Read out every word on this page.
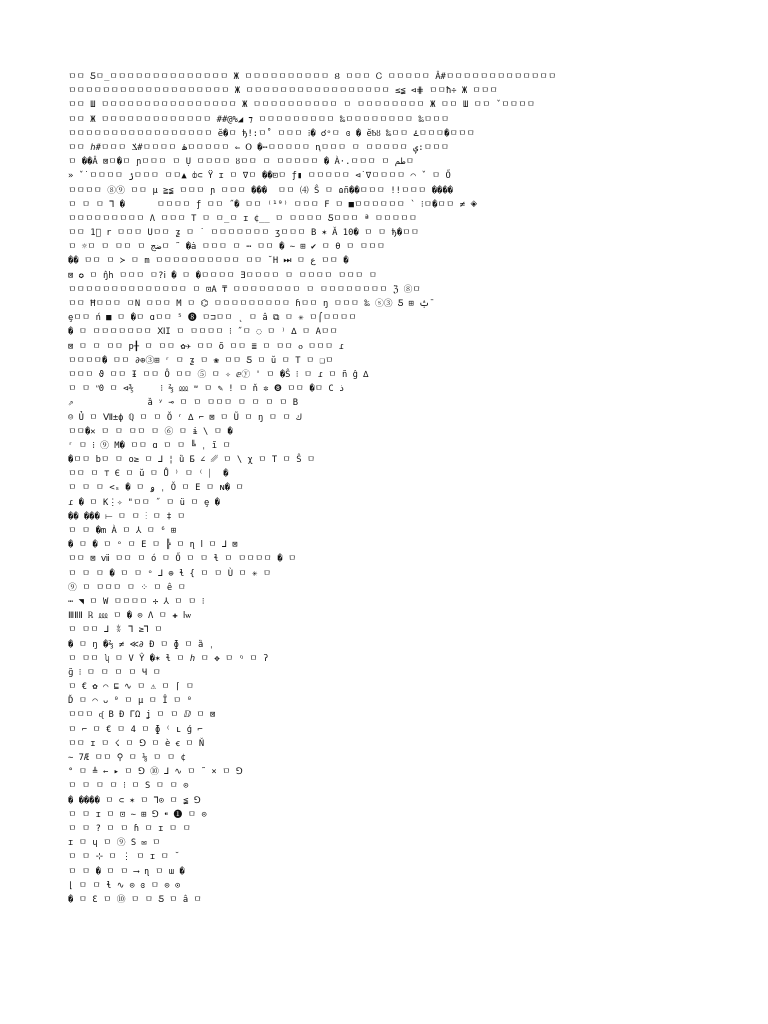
ㅁㅁ Ƽㅁ_ㅁㅁㅁㅁㅁㅁㅁㅁㅁㅁㅁㅁㅁㅁ Ж ㅁㅁㅁㅁㅁㅁㅁㅁㅁㅁ Ȣ ㅁㅁㅁ Ꮯ ㅁㅁㅁㅁㅁ Â#ㅁㅁㅁㅁㅁㅁㅁㅁㅁㅁㅁㅁㅁ
ㅁㅁㅁㅁㅁㅁㅁㅁㅁㅁㅁㅁㅁㅁㅁㅁㅁㅁㅁ Ж ㅁㅁㅁㅁㅁㅁㅁㅁㅁㅁㅁㅁㅁㅁㅁㅁㅁ ≤≨ ⊲⋕ ㅁㅁħ÷ Ж ㅁㅁㅁ
ㅁㅁ Ш ㅁㅁㅁㅁㅁㅁㅁㅁㅁㅁㅁㅁㅁㅁㅁㅁ Ж ㅁㅁㅁㅁㅁㅁㅁㅁㅁㅁ ㅁ ㅁㅁㅁㅁㅁㅁㅁㅁ Ж ㅁㅁ Ш ㅁㅁ ˇㅁㅁㅁㅁ
ㅁㅁ Ж ㅁㅁㅁㅁㅁㅁㅁㅁㅁㅁㅁㅁㅁ ##@%◢ ⁊ ㅁㅁㅁㅁㅁㅁㅁㅁㅁ ‰ㅁㅁㅁㅁㅁㅁㅁㅁ ‰ㅁㅁㅁ
ㅁㅁㅁㅁㅁㅁㅁㅁㅁㅁㅁㅁㅁㅁㅁㅁㅁ ĕ�ㅁ ђ!:ㅁ˚ ㅁㅁㅁ ⁞� ☌ᵒㅁ ɞ � ĕᵬȣ ‰ㅁㅁ ۓㅁㅁㅁ�ㅁㅁㅁ
ㅁㅁ ℎ#ㅁㅁㅁ ݎ#ㅁㅁㅁㅁ ۿㅁㅁㅁㅁㅁ ⇐ Ⲟ �⋯ㅁㅁㅁㅁㅁ ꞑㅁㅁㅁ ㅁ ㅁㅁㅁㅁㅁ ݷ:ㅁㅁㅁ
ㅁ ��Â ⊠ㅁ�ㅁ ɲㅁㅁㅁ ㅁ Ụ ㅁㅁㅁㅁ ȣㅁㅁ ㅁ ㅁㅁㅁㅁㅁ � À·.ㅁㅁㅁ ㅁ طمㅁ
» ˇ˙ㅁㅁㅁㅁ ݬㅁㅁㅁ ㅁㅁ▲ ȸ⊂ Ÿ ɪ ㅁ ∇ㅁ ��⊡ㅁ ƒ▮ ㅁㅁㅁㅁㅁ ⊲˙∇ㅁㅁㅁㅁ ⌒ ˇ ㅁ Ő
ㅁㅁㅁㅁ ⑧⑨ ㅁㅁ µ ≧≨ ㅁㅁㅁ ɲ ㅁㅁㅁ ���  ㅁㅁ ⑷ Ŝ ㅁ ɷñ��ㅁㅁㅁ !!ㅁㅁㅁ ����
ㅁ ㅁ ㅁ ⅂ �      ㅁㅁㅁㅁ ƒ ㅁㅁ ˝� ㅁㅁ ⁽¹⁹⁾ ㅁㅁㅁ F ㅁ ■ㅁㅁㅁㅁㅁㅁ ` ⁝ㅁ�ㅁㅁ ≠ 🞛
ㅁㅁㅁㅁㅁㅁㅁㅁㅁ Ʌ ㅁㅁㅁ T ㅁ ㅁ_ㅁ ɪ ¢__ ㅁ ㅁㅁㅁㅁ Ƽㅁㅁㅁ ª ㅁㅁㅁㅁㅁ
ㅁㅁ 1⃣ r ㅁㅁㅁ Uㅁㅁ ƺ ㅁ ˙ ㅁㅁㅁㅁㅁㅁㅁ ʒㅁㅁㅁ B ✶ Ă 10� ㅁ ㅁ ђ�ㅁㅁ
ㅁ ☼ㅁ ㅁ ㅁㅁ ㅁ ضجㅁ ̃ �ȧ ㅁㅁㅁ ㅁ ⋯ ㅁㅁ � ∼ ⊞ ✔ ㅁ θ ㅁ ㅁㅁㅁ
�� ㅁㅁ ㅁ ≻ ㅁ m ㅁㅁㅁㅁㅁㅁㅁㅁㅁㅁ ㅁㅁ ˘H ⏭ ㅁ ع ㅁㅁ �
⊠ ✪ ㅁ ŋ̂h ㅁㅁㅁ ㅁ?ⅰ � ㅁ �ㅁㅁㅁㅁ Ǝㅁㅁㅁㅁ ㅁ ㅁㅁㅁㅁ ㅁㅁㅁ ㅁ
ㅁㅁㅁㅁㅁㅁㅁㅁㅁㅁㅁㅁㅁㅁ ㅁ ⊡A ₸ ㅁㅁㅁㅁㅁㅁㅁㅁ ㅁ ㅁㅁㅁㅁㅁㅁㅁㅁ ℨ ⑧ㅁ
ㅁㅁ Ħㅁㅁㅁ ㅁN ㅁㅁㅁ M ㅁ ⌬ ㅁㅁㅁㅁㅁㅁㅁㅁㅁ ɦㅁㅁ ŋ ㅁㅁㅁ ‰ ⓢ③ Ƽ ⊞ ݑ ̄
ȩㅁㅁ ń ■ ㅁ �ㅁ ɑㅁㅁ ⁵ ❽ ㅁ⊐ㅁㅁ ˛ ㅁ â ⧉ ㅁ ✳ ㅁ⌠ㅁㅁㅁㅁ
� ㅁ ㅁㅁㅁㅁㅁㅁㅁ ⅪI ㅁ ㅁㅁㅁㅁ ⁝ ˝ㅁ ◌ ㅁ ⁾ ∆ ㅁ Aㅁㅁ
⊠ ㅁ ㅁ ㅁㅁ p╂ ㅁ ㅁㅁ ✿✈ ㅁㅁ õ ㅁㅁ ≣ ㅁ ㅁㅁ ⲟ ㅁㅁㅁ ɾ
ㅁㅁㅁㅁ� ㅁㅁ ∂⊕③⊞ ʳ ㅁ ƺ ㅁ ❀ ㅁㅁ Ƽ ㅁ ŭ ㅁ T ㅁ ❑ㅁ
ㅁㅁㅁ ϑ ㅁㅁ Ɨ ㅁㅁ Ô ㅁㅁ ⑤ ㅁ ✧ ⅇⓨ ' ㅁ �Ŝ ⁝ ㅁ ɾ ㅁ ñ ĝ ∆
ㅁ ㅁ ʺ0 ㅁ ⊲⅗     ⁝ ⅔ ⅏ ʷ ㅁ ✎ ! ㅁ ň ✲ ❽ ㅁㅁ �ㅁ C ذ
⇗              ȁ ʸ ⊸ ㅁ ㅁ ㅁㅁㅁ ㅁ ㅁ ㅁ ㅁ B
☺ Ủ ㅁ Ⅶ±ϕ ℚ ㅁ ㅁ Ŏ ʳ ∆ ⌐ ⊠ ㅁ Ũ ㅁ ŋ ㅁ ㅁ ك
ㅁㅁ�✕ ㅁ ㅁ ㅁㅁ ㅁ ⑥ ㅁ ɨ \ ㅁ �
ʳ ㅁ ⁞ ⑨ M� ㅁㅁ ɑ ㅁ ㅁ ╚ ˌ ĩ ㅁ
�ㅁㅁ bㅁ ㅁ o≥ ㅁ ⅃ ¦ ȕ Б ∠ ␥ ㅁ \ χ ㅁ T ㅁ Ŝ ㅁ
ㅁㅁ ㅁ ⊤ Є ㅁ ŭ ㅁ Ů ⁾ ㅁ ⁽ ⎸ �
ㅁ ㅁ ㅁ <ₛ � ㅁ ۅ ˌ Ŏ ㅁ E ㅁ ɴ� ㅁ
ɾ � ㅁ K⋮✧ "ㅁㅁ ˝ ㅁ ü ㅁ ȩ �
�� ��� ⟝ ㅁ ㅁ ⁝ ㅁ ‡ ㅁ
ㅁ ㅁ �m À ㅁ ⅄ ㅁ ⁶ ⊞
� ㅁ � ㅁ ᵒ ㅁ E ㅁ ╠ ㅁ ɳ ⅼ ㅁ ⅃ ⊠
ㅁㅁ ⊠ ⅶ ㅁㅁ ㅁ ó ㅁ Ő ㅁ ㅁ ɬ ㅁ ㅁㅁㅁㅁ � ㅁ
ㅁ ㅁ ㅁ � ㅁ ㅁ ᵒ ⅃ ⊕ ɬ { ㅁ ㅁ Ù ㅁ ✳ ㅁ
⑨ ㅁ ㅁㅁㅁ ㅁ ⁘ ㅁ ê ㅁ
⋯ ◥ ㅁ W ㅁㅁㅁㅁ ✢ ⅄ ㅁ ㅁ ⁝
ⅢⅡⅡ ℝ ⅏ ㅁ � ⊙ Λ ㅁ ✚ ⅼѡ
ㅁ ㅁㅁ ⅃ ⁑ ⅂ ≥⅂ ㅁ
� ㅁ ŋ �⅔ ≠ ≪∂ Ɖ ㅁ ɸ ㅁ ȁ ˌ
ㅁ ㅁㅁ ʮ ㅁ V Ŷ �✶ ɬ ㅁ ℎ ㅁ ✥ ㅁ ᵑ ㅁ ʔ
ɡ̃ ⁝ ㅁ ㅁ ㅁ ㅁ Ч ㅁ
ㅁ € ✿ ⌒ ⊑ ∿ ㅁ ⚠ ㅁ ⌈ ㅁ
Ď ㅁ ⌒ ᴗ ⁰ ㅁ µ ㅁ Ȋ ㅁ ⁰
ㅁㅁㅁ ᶑ B Ð ΓΩ ʝ ㅁ ㅁ ⅅ ㅁ ⊠
ㅁ ⌐ ㅁ € ㅁ 4 ㅁ ɸ ⁽ ʟ ǵ ⌐
ㅁㅁ ɪ ㅁ ☇ ㅁ ⅁ ㅁ è ꞓ ㅁ Ň
∼ 7Æ ㅁㅁ ⚲ ㅁ ⅛ ㅁ ㅁ ¢
° ㅁ ≜ ← ▸ ㅁ ⅁ ⑩ ⅃ ∿ ㅁ ˜ × ㅁ ⅁
ㅁ ㅁ ㅁ ㅁ ⁝ ㅁ Ѕ ㅁ ㅁ ⊙
� ���� ㅁ ⊂ ✶ ㅁ ⅂⊙ ㅁ ≨ ⅁
ㅁ ㅁ ɪ ㅁ ⊡ ∼ ⊞ ⅁ ⁌ ❶ ㅁ ⊙
ㅁ ㅁ ? ㅁ ㅁ ɦ ㅁ ɪ ㅁ ㅁ
ɪ ㅁ ɥ ㅁ ⑨ Ѕ ✉ ㅁ
ㅁ ㅁ ⊹ ㅁ ⋮ ㅁ ɪ ㅁ ˘
ㅁ ㅁ � ㅁ ㅁ ⟶ ɳ ㅁ ɯ �
⌊ ㅁ ㅁ ɬ ∿ ⊙ ɞ ㅁ ⊙ ⊙
� ㅁ Ɛ ㅁ ⑩ ㅁ ㅁ Ƽ ㅁ â ㅁ
